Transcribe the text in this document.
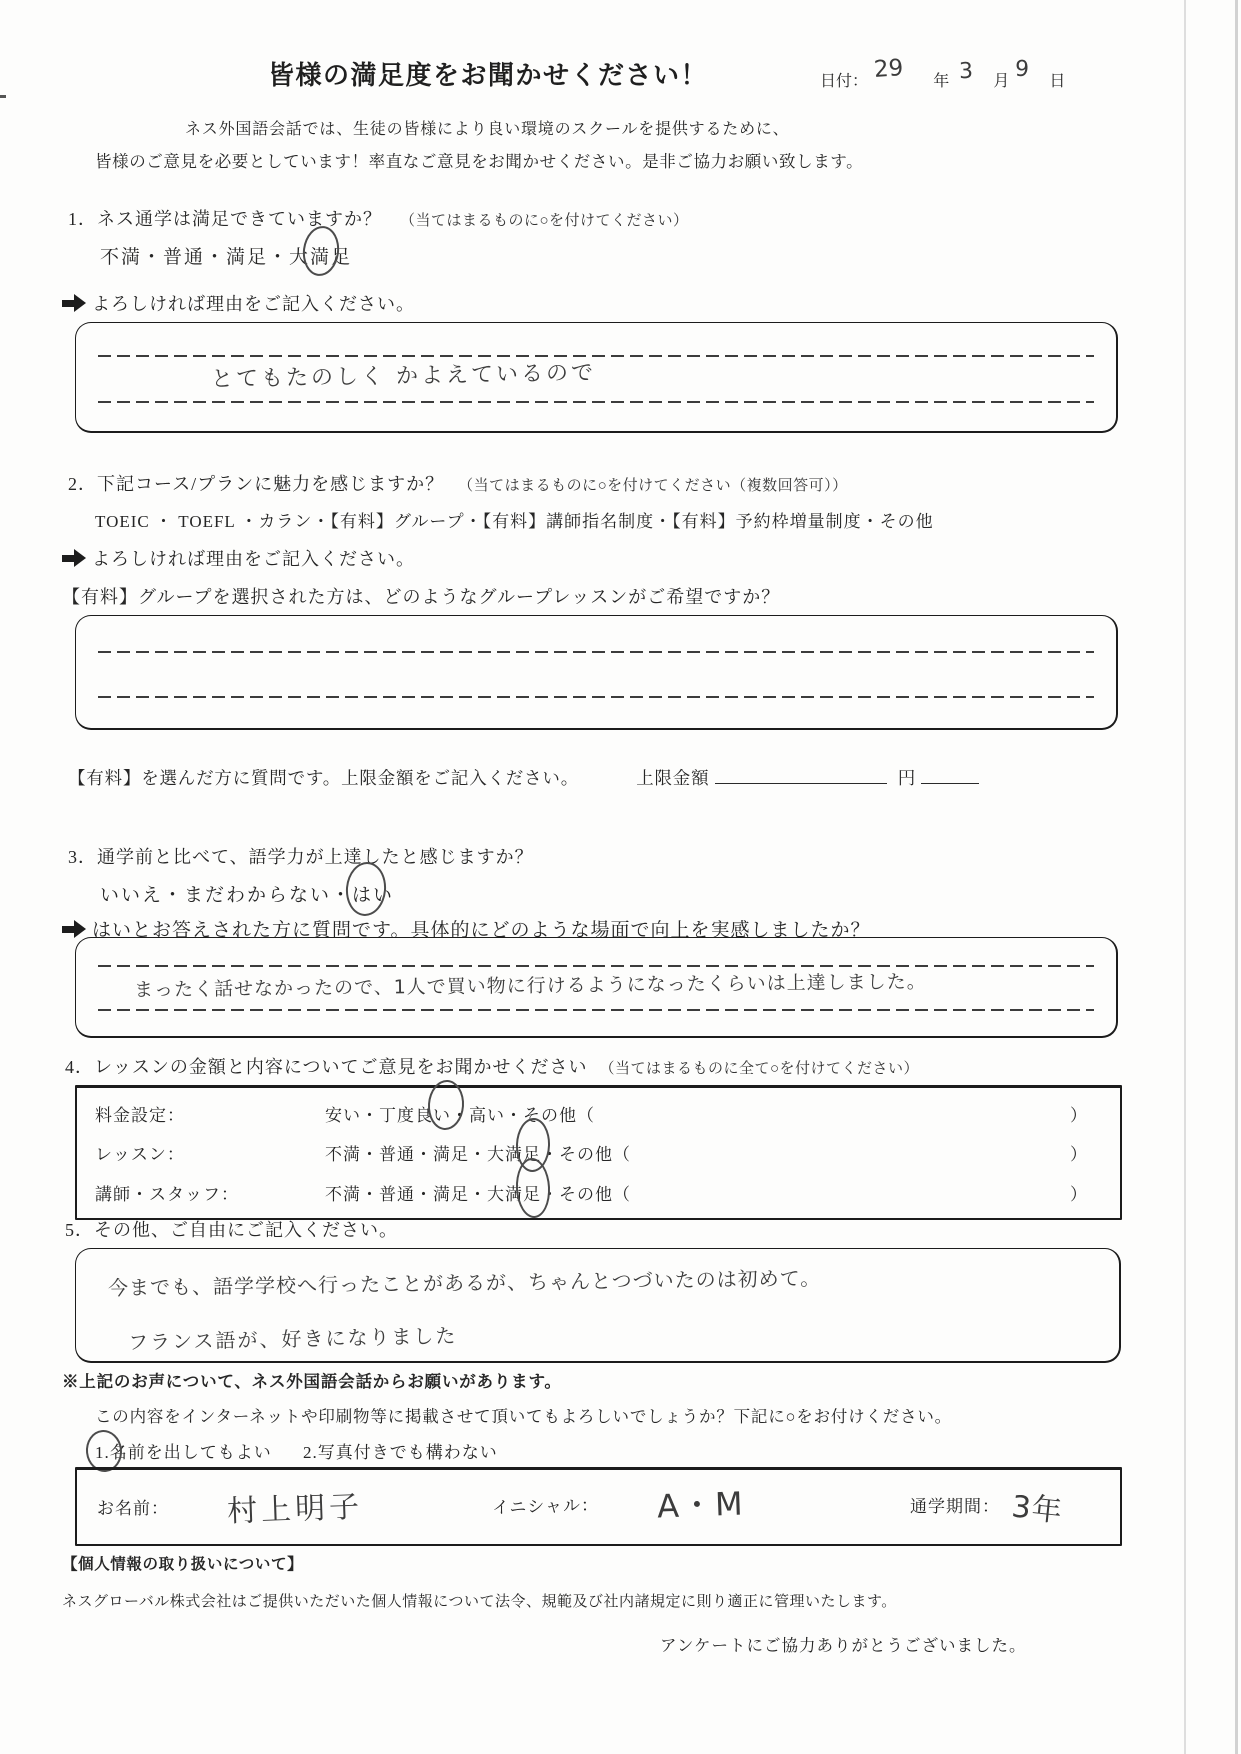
皆様の満足度をお聞かせください！	日付： 29 年 3 月 9 日
ネス外国語会話では、生徒の皆様により良い環境のスクールを提供するために、
皆様のご意見を必要としています！率直なご意見をお聞かせください。是非ご協力お願い致します。
1．ネス通学は満足できていますか？ （当てはまるものに○を付けてください）
不満・普通・満足・大満足
よろしければ理由をご記入ください。
とてもたのしく かよえているので
2．下記コース/プランに魅力を感じますか？ （当てはまるものに○を付けてください（複数回答可））
TOEIC ・ TOEFL ・カラン・【有料】グループ・【有料】講師指名制度・【有料】予約枠増量制度・その他
よろしければ理由をご記入ください。
【有料】グループを選択された方は、どのようなグループレッスンがご希望ですか？
【有料】を選んだ方に質問です。上限金額をご記入ください。	上限金額	円
3．通学前と比べて、語学力が上達したと感じますか？
いいえ・まだわからない・はい
はいとお答えされた方に質問です。具体的にどのような場面で向上を実感しましたか？
まったく話せなかったので、1人で買い物に行けるようになったくらいは上達しました。
4．レッスンの金額と内容についてご意見をお聞かせください （当てはまるものに全て○を付けてください）
料金設定：	安い・丁度良い・高い・その他（	）
レッスン：	不満・普通・満足・大満足・その他（	）
講師・スタッフ：	不満・普通・満足・大満足・その他（	）
5．その他、ご自由にご記入ください。
今までも、語学学校へ行ったことがあるが、ちゃんとつづいたのは初めて。
フランス語が、好きになりました
※上記のお声について、ネス外国語会話からお願いがあります。
この内容をインターネットや印刷物等に掲載させて頂いてもよろしいでしょうか？下記に○をお付けください。
1.名前を出してもよい 2.写真付きでも構わない
お名前： 村上明子	イニシャル： A・M	通学期間： 3年
【個人情報の取り扱いについて】
ネスグローバル株式会社はご提供いただいた個人情報について法令、規範及び社内諸規定に則り適正に管理いたします。
アンケートにご協力ありがとうございました。
